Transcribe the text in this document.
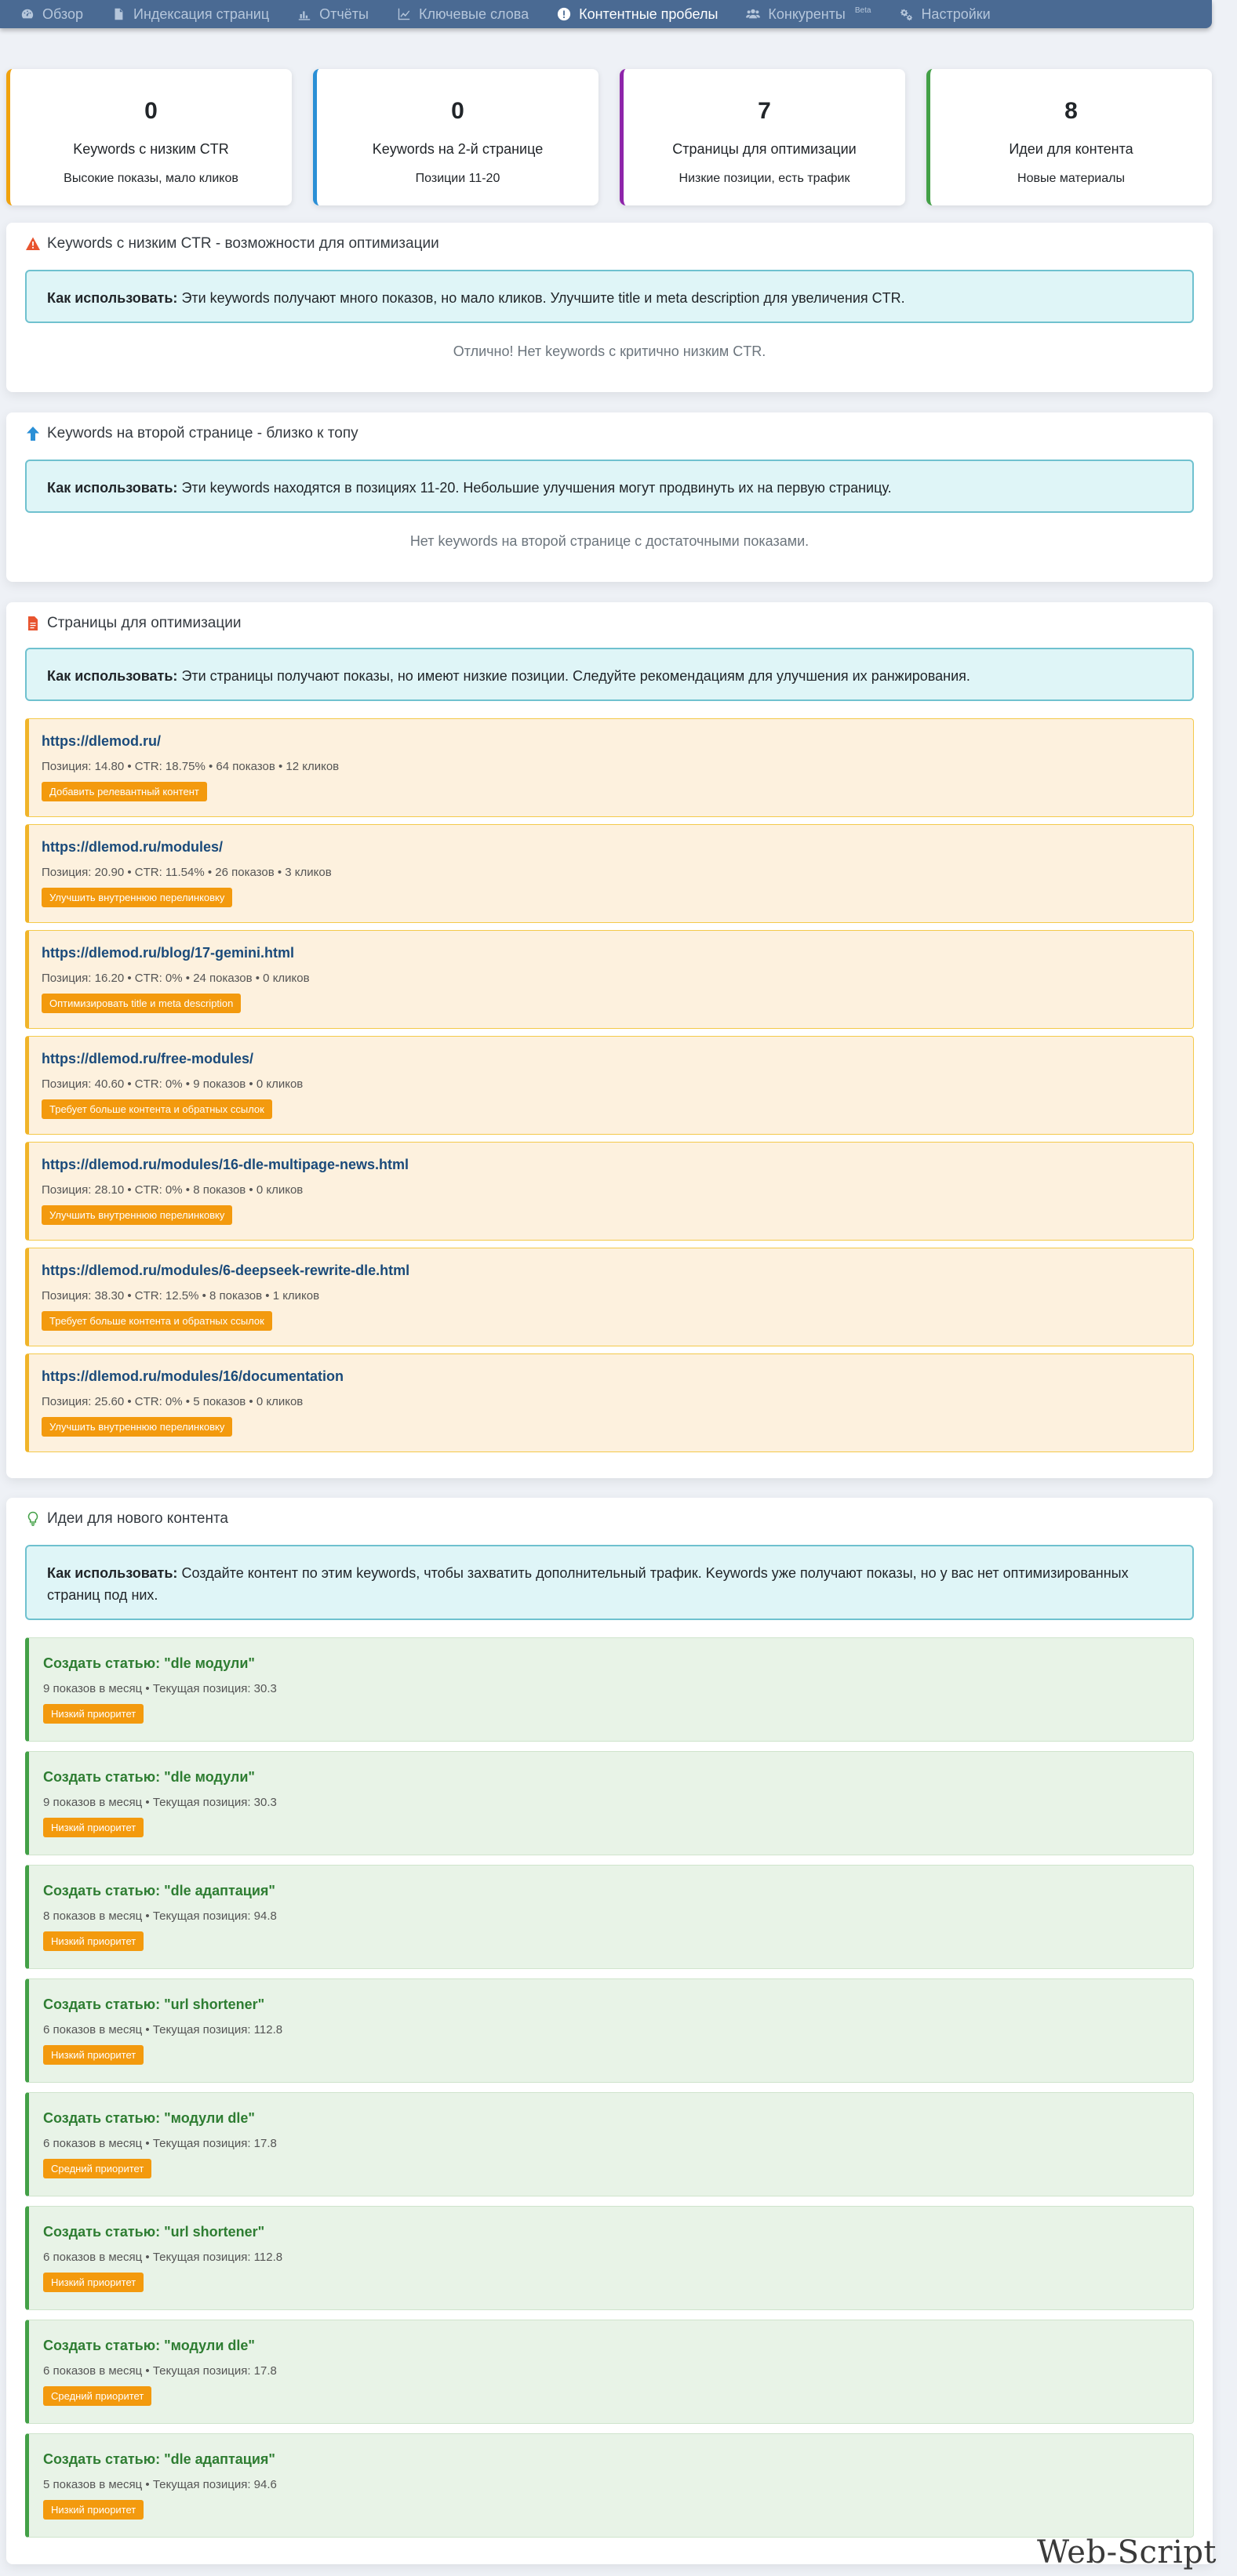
Обзор	Индексация страниц	Отчёты	Ключевые слова	Контентные пробелы	Конкуренты $^{Beta}$	Настройки
0
Keywords с низким CTR
Высокие показы, мало кликов
0
Keywords на 2-й странице
Позиции 11-20
7
Страницы для оптимизации
Низкие позиции, есть трафик
8
Идеи для контента
Новые материалы
Keywords с низким CTR - возможности для оптимизации
Как использовать: Эти keywords получают много показов, но мало кликов. Улучшите title и meta description для увеличения CTR.
Отлично! Нет keywords с критично низким CTR.
Keywords на второй странице - близко к топу
Как использовать: Эти keywords находятся в позициях 11-20. Небольшие улучшения могут продвинуть их на первую страницу.
Нет keywords на второй странице с достаточными показами.
Страницы для оптимизации
Как использовать: Эти страницы получают показы, но имеют низкие позиции. Следуйте рекомендациям для улучшения их ранжирования.
https://dlemod.ru/
Позиция: 14.80 • CTR: 18.75% • 64 показов • 12 кликов
Добавить релевантный контент
https://dlemod.ru/modules/
Позиция: 20.90 • CTR: 11.54% • 26 показов • 3 кликов
Улучшить внутреннюю перелинковку
https://dlemod.ru/blog/17-gemini.html
Позиция: 16.20 • CTR: 0% • 24 показов • 0 кликов
Оптимизировать title и meta description
https://dlemod.ru/free-modules/
Позиция: 40.60 • CTR: 0% • 9 показов • 0 кликов
Требует больше контента и обратных ссылок
https://dlemod.ru/modules/16-dle-multipage-news.html
Позиция: 28.10 • CTR: 0% • 8 показов • 0 кликов
Улучшить внутреннюю перелинковку
https://dlemod.ru/modules/6-deepseek-rewrite-dle.html
Позиция: 38.30 • CTR: 12.5% • 8 показов • 1 кликов
Требует больше контента и обратных ссылок
https://dlemod.ru/modules/16/documentation
Позиция: 25.60 • CTR: 0% • 5 показов • 0 кликов
Улучшить внутреннюю перелинковку
Идеи для нового контента
Как использовать: Создайте контент по этим keywords, чтобы захватить дополнительный трафик. Keywords уже получают показы, но у вас нет оптимизированных страниц под них.
Создать статью: "dle модули"
9 показов в месяц • Текущая позиция: 30.3
Низкий приоритет
Создать статью: "dle модули"
9 показов в месяц • Текущая позиция: 30.3
Низкий приоритет
Создать статью: "dle адаптация"
8 показов в месяц • Текущая позиция: 94.8
Низкий приоритет
Создать статью: "url shortener"
6 показов в месяц • Текущая позиция: 112.8
Низкий приоритет
Создать статью: "модули dle"
6 показов в месяц • Текущая позиция: 17.8
Средний приоритет
Создать статью: "url shortener"
6 показов в месяц • Текущая позиция: 112.8
Низкий приоритет
Создать статью: "модули dle"
6 показов в месяц • Текущая позиция: 17.8
Средний приоритет
Создать статью: "dle адаптация"
5 показов в месяц • Текущая позиция: 94.6
Низкий приоритет
Web-Script
